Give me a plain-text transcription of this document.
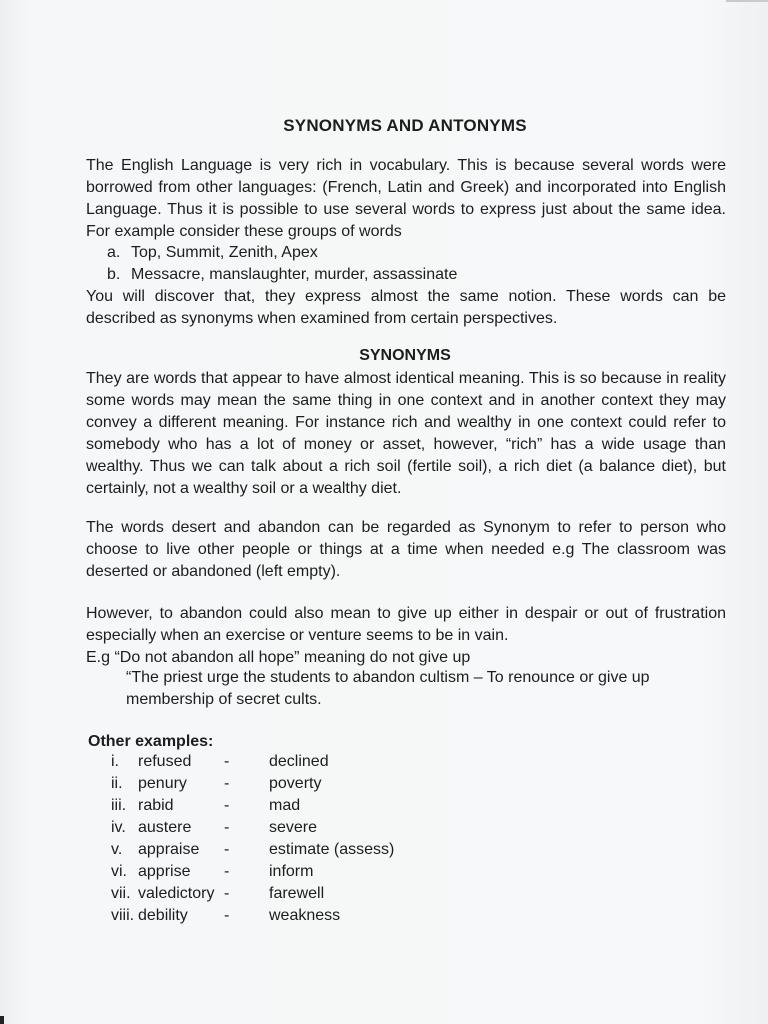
SYNONYMS AND ANTONYMS

The English Language is very rich in vocabulary. This is because several words were borrowed from other languages: (French, Latin and Greek) and incorporated into English Language. Thus it is possible to use several words to express just about the same idea. For example consider these groups of words

a. Top, Summit, Zenith, Apex
b. Messacre, manslaughter, murder, assassinate

You will discover that, they express almost the same notion. These words can be described as synonyms when examined from certain perspectives.

SYNONYMS

They are words that appear to have almost identical meaning. This is so because in reality some words may mean the same thing in one context and in another context they may convey a different meaning. For instance rich and wealthy in one context could refer to somebody who has a lot of money or asset, however, “rich” has a wide usage than wealthy. Thus we can talk about a rich soil (fertile soil), a rich diet (a balance diet), but certainly, not a wealthy soil or a wealthy diet.

The words desert and abandon can be regarded as Synonym to refer to person who choose to live other people or things at a time when needed e.g The classroom was deserted or abandoned (left empty).

However, to abandon could also mean to give up either in despair or out of frustration especially when an exercise or venture seems to be in vain.

E.g “Do not abandon all hope” meaning do not give up

“The priest urge the students to abandon cultism – To renounce or give up membership of secret cults.

Other examples:
i.	refused - declined
ii. penury - poverty
iii. rabid	- mad
iv. austere - severe
v. appraise - estimate (assess)
vi. apprise - inform
vii. valedictory - farewell
viii. debility - weakness
